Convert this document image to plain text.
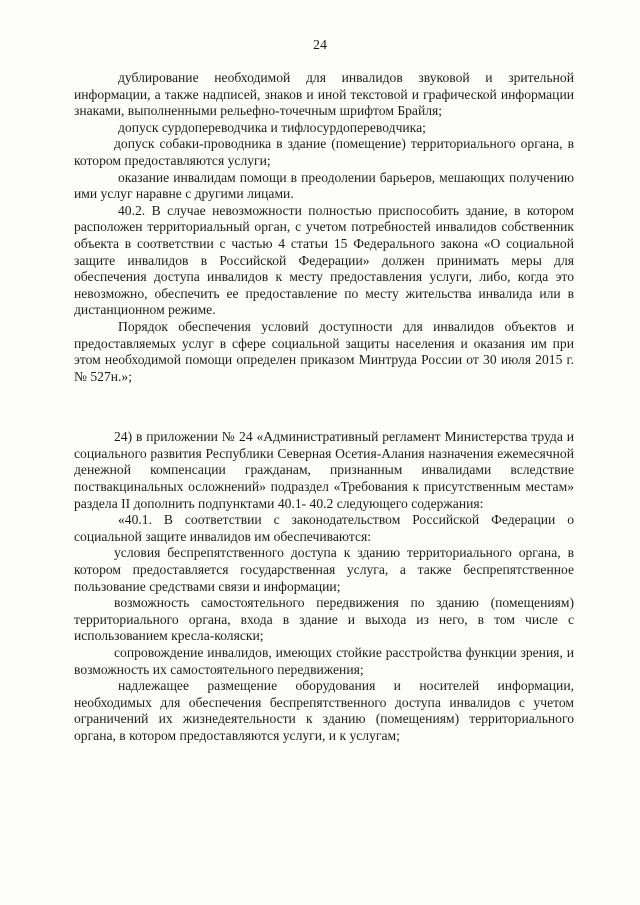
24

дублирование необходимой для инвалидов звуковой и зрительной информации, а также надписей, знаков и иной текстовой и графической информации знаками, выполненными рельефно-точечным шрифтом Брайля;

допуск сурдопереводчика и тифлосурдопереводчика;

допуск собаки-проводника в здание (помещение) территориального органа, в котором предоставляются услуги;

оказание инвалидам помощи в преодолении барьеров, мешающих получению ими услуг наравне с другими лицами.

40.2. В случае невозможности полностью приспособить здание, в котором расположен территориальный орган, с учетом потребностей инвалидов собственник объекта в соответствии с частью 4 статьи 15 Федерального закона «О социальной защите инвалидов в Российской Федерации» должен принимать меры для обеспечения доступа инвалидов к месту предоставления услуги, либо, когда это невозможно, обеспечить ее предоставление по месту жительства инвалида или в дистанционном режиме.

Порядок обеспечения условий доступности для инвалидов объектов и предоставляемых услуг в сфере социальной защиты населения и оказания им при этом необходимой помощи определен приказом Минтруда России от 30 июля 2015 г. № 527н.»;

24) в приложении № 24 «Административный регламент Министерства труда и социального развития Республики Северная Осетия-Алания назначения ежемесячной денежной компенсации гражданам, признанным инвалидами вследствие поствакцинальных осложнений» подраздел «Требования к присутственным местам» раздела II дополнить подпунктами 40.1- 40.2 следующего содержания:

«40.1. В соответствии с законодательством Российской Федерации о социальной защите инвалидов им обеспечиваются:

условия беспрепятственного доступа к зданию территориального органа, в котором предоставляется государственная услуга, а также беспрепятственное пользование средствами связи и информации;

возможность самостоятельного передвижения по зданию (помещениям) территориального органа, входа в здание и выхода из него, в том числе с использованием кресла-коляски;

сопровождение инвалидов, имеющих стойкие расстройства функции зрения, и возможность их самостоятельного передвижения;

надлежащее размещение оборудования и носителей информации, необходимых для обеспечения беспрепятственного доступа инвалидов с учетом ограничений их жизнедеятельности к зданию (помещениям) территориального органа, в котором предоставляются услуги, и к услугам;
